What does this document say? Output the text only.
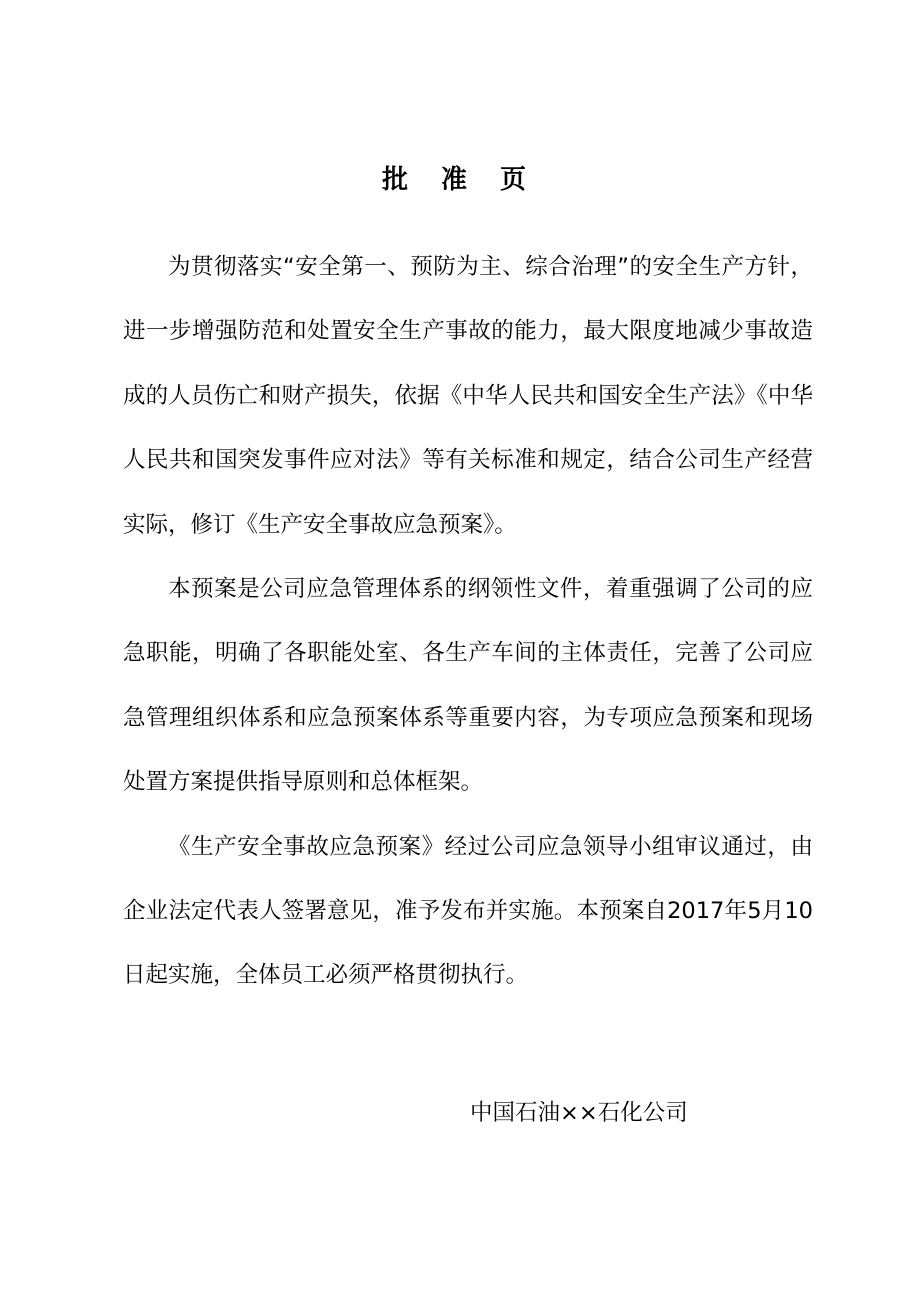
批 准 页

为贯彻落实“安全第一、预防为主、综合治理”的安全生产方针，进一步增强防范和处置安全生产事故的能力，最大限度地减少事故造成的人员伤亡和财产损失，依据《中华人民共和国安全生产法》《中华人民共和国突发事件应对法》等有关标准和规定，结合公司生产经营实际，修订《生产安全事故应急预案》。

本预案是公司应急管理体系的纲领性文件，着重强调了公司的应急职能，明确了各职能处室、各生产车间的主体责任，完善了公司应急管理组织体系和应急预案体系等重要内容，为专项应急预案和现场处置方案提供指导原则和总体框架。

《生产安全事故应急预案》经过公司应急领导小组审议通过，由企业法定代表人签署意见，准予发布并实施。本预案自2017年5月10日起实施，全体员工必须严格贯彻执行。

中国石油××石化公司
